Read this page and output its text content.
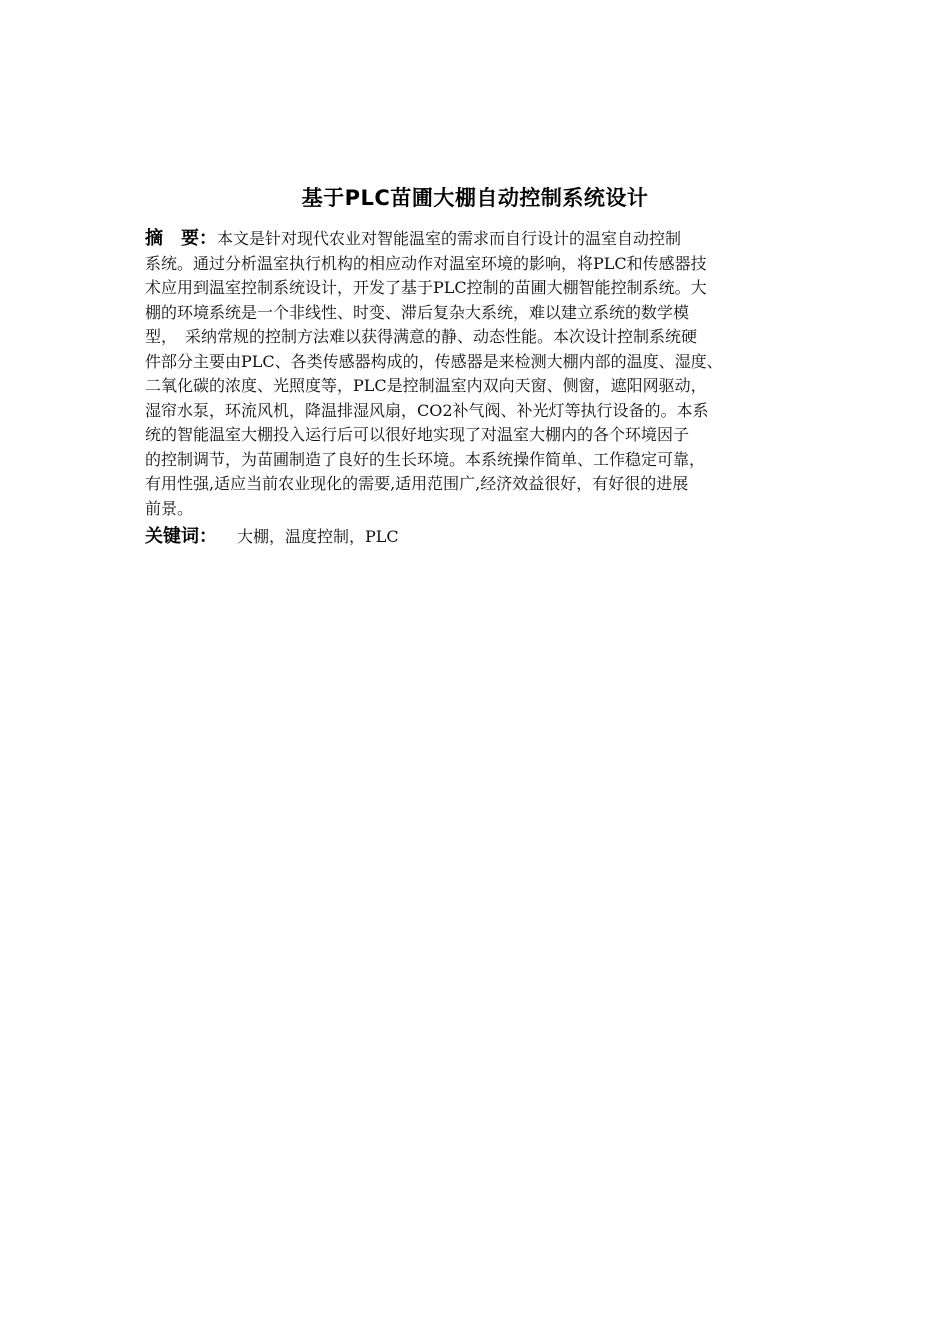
基于PLC苗圃大棚自动控制系统设计
摘　要：本文是针对现代农业对智能温室的需求而自行设计的温室自动控制
系统。通过分析温室执行机构的相应动作对温室环境的影响，将PLC和传感器技
术应用到温室控制系统设计，开发了基于PLC控制的苗圃大棚智能控制系统。大
棚的环境系统是一个非线性、时变、滞后复杂大系统，难以建立系统的数学模
型，　采纳常规的控制方法难以获得满意的静、动态性能。本次设计控制系统硬
件部分主要由PLC、各类传感器构成的，传感器是来检测大棚内部的温度、湿度、
二氧化碳的浓度、光照度等，PLC是控制温室内双向天窗、侧窗，遮阳网驱动，
湿帘水泵，环流风机，降温排湿风扇，CO2补气阀、补光灯等执行设备的。本系
统的智能温室大棚投入运行后可以很好地实现了对温室大棚内的各个环境因子
的控制调节，为苗圃制造了良好的生长环境。本系统操作简单、工作稳定可靠，
有用性强,适应当前农业现化的需要,适用范围广,经济效益很好，有好很的进展
前景。
关键词： 大棚，温度控制，PLC
